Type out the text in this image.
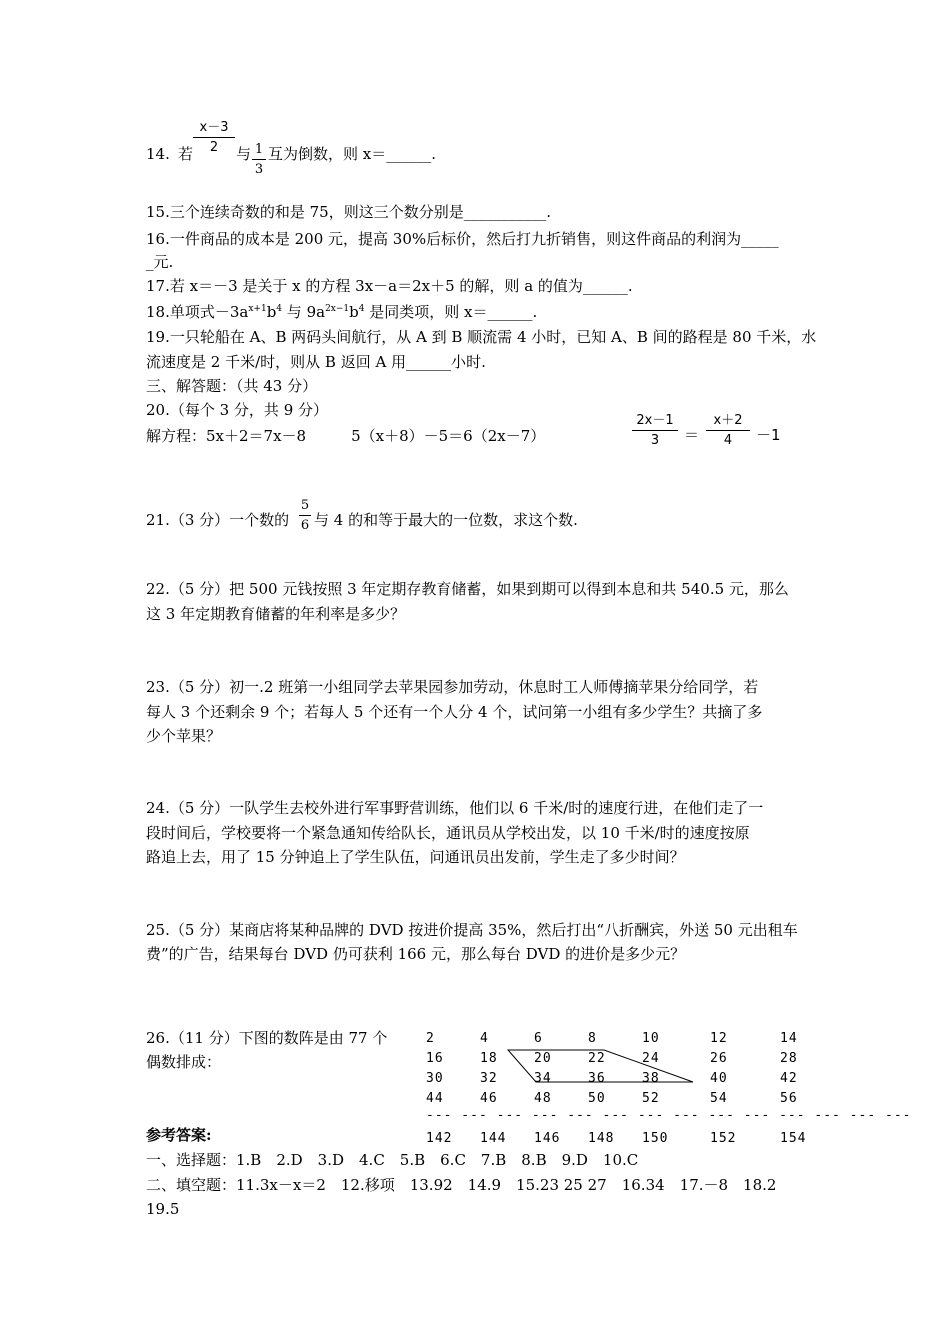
14. 若
x－3
2	与 1
3
互为倒数，则 x＝______.
15.三个连续奇数的和是 75，则这三个数分别是___________.
16.一件商品的成本是 200 元，提高 30%后标价，然后打九折销售，则这件商品的利润为_____
_元.
17.若 x＝－3 是关于 x 的方程 3x－a＝2x＋5 的解，则 a 的值为______.
18.单项式$-3a^{x+1}b^4$ 与 $9a^{2x-1}b^4$ 是同类项，则 x＝______.
19.一只轮船在 A、B 两码头间航行，从 A 到 B 顺流需 4 小时，已知 A、B 间的路程是 80 千米，水
流速度是 2 千米/时，则从 B 返回 A 用______小时.
三、解答题：（共 43 分）
20.（每个 3 分，共 9 分）
解方程：5x＋2＝7x－8　　　5（x＋8）－5＝6（2x－7）
2x－1
3	＝
x＋2
4	－1
21.（3 分）一个数的
5
6 与 4 的和等于最大的一位数，求这个数.
22.（5 分）把 500 元钱按照 3 年定期存教育储蓄，如果到期可以得到本息和共 540.5 元，那么
这 3 年定期教育储蓄的年利率是多少？
23.（5 分）初一.2 班第一小组同学去苹果园参加劳动，休息时工人师傅摘苹果分给同学，若
每人 3 个还剩余 9 个；若每人 5 个还有一个人分 4 个，试问第一小组有多少学生？共摘了多
少个苹果？
24.（5 分）一队学生去校外进行军事野营训练，他们以 6 千米/时的速度行进，在他们走了一
段时间后，学校要将一个紧急通知传给队长，通讯员从学校出发，以 10 千米/时的速度按原
路追上去，用了 15 分钟追上了学生队伍，问通讯员出发前，学生走了多少时间？
25.（5 分）某商店将某种品牌的 DVD 按进价提高 35%，然后打出“八折酬宾，外送 50 元出租车
费”的广告，结果每台 DVD 仍可获利 166 元，那么每台 DVD 的进价是多少元？
26.（11 分）下图的数阵是由 77 个
偶数排成：
2	4	6	8	10	12	14
16	18	20	22	24	26	28
30	32	34	36	38	40	42
44	46	48	50	52	54	56
142 144 146 148 150	152	154
--- --- --- --- --- --- --- --- --- --- --- --- --- ---
参考答案:
一、选择题：1.B　2.D　3.D　4.C　5.B　6.C　7.B　8.B　9.D　10.C
二、填空题：11.3x－x＝2　12.移项　13.92　14.9　15.23 25 27　16.34　17.－8　18.2
19.5
